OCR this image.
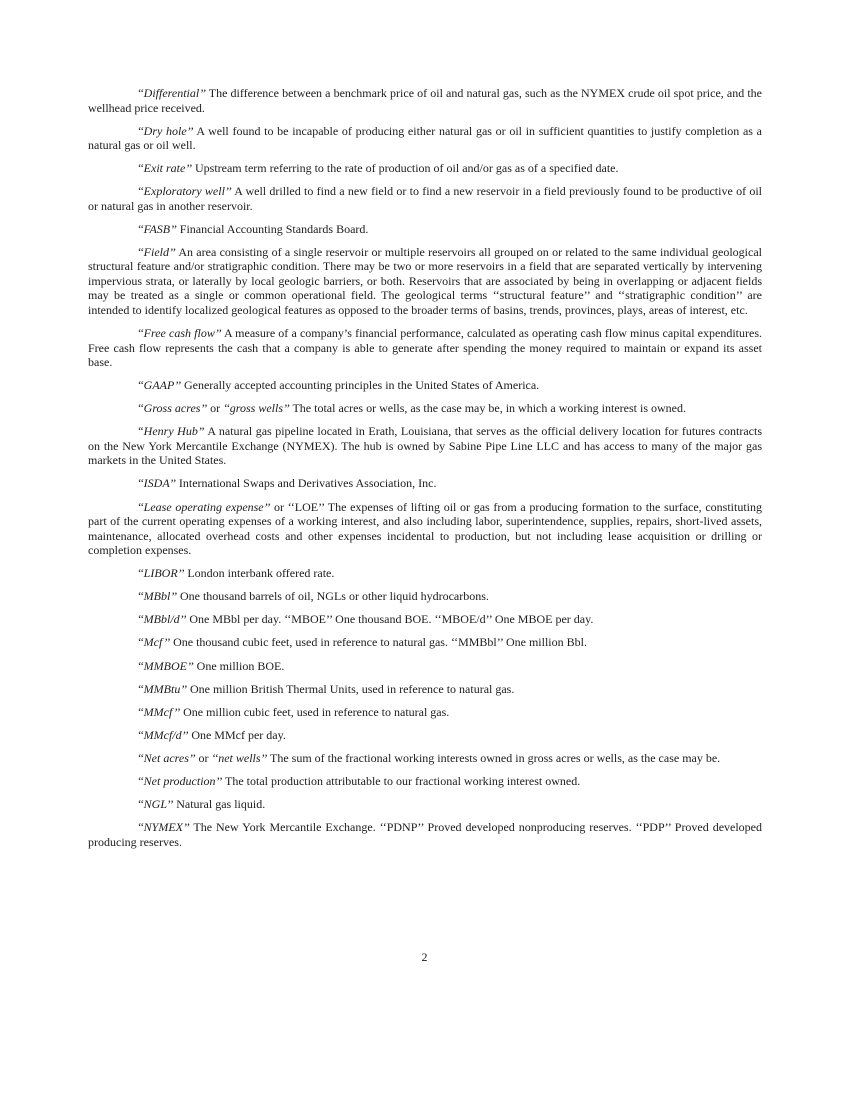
‘‘Differential’’ The difference between a benchmark price of oil and natural gas, such as the NYMEX crude oil spot price, and the wellhead price received.

‘‘Dry hole’’ A well found to be incapable of producing either natural gas or oil in sufficient quantities to justify completion as a natural gas or oil well.

‘‘Exit rate’’ Upstream term referring to the rate of production of oil and/or gas as of a specified date.

‘‘Exploratory well’’ A well drilled to find a new field or to find a new reservoir in a field previously found to be productive of oil or natural gas in another reservoir.

‘‘FASB’’ Financial Accounting Standards Board.

‘‘Field’’ An area consisting of a single reservoir or multiple reservoirs all grouped on or related to the same individual geological structural feature and/or stratigraphic condition. There may be two or more reservoirs in a field that are separated vertically by intervening impervious strata, or laterally by local geologic barriers, or both. Reservoirs that are associated by being in overlapping or adjacent fields may be treated as a single or common operational field. The geological terms ‘‘structural feature’’ and ‘‘stratigraphic condition’’ are intended to identify localized geological features as opposed to the broader terms of basins, trends, provinces, plays, areas of interest, etc.

‘‘Free cash flow’’ A measure of a company’s financial performance, calculated as operating cash flow minus capital expenditures. Free cash flow represents the cash that a company is able to generate after spending the money required to maintain or expand its asset base.

‘‘GAAP’’ Generally accepted accounting principles in the United States of America.

‘‘Gross acres’’ or ‘‘gross wells’’ The total acres or wells, as the case may be, in which a working interest is owned.

“Henry Hub” A natural gas pipeline located in Erath, Louisiana, that serves as the official delivery location for futures contracts on the New York Mercantile Exchange (NYMEX). The hub is owned by Sabine Pipe Line LLC and has access to many of the major gas markets in the United States.

‘‘ISDA’’ International Swaps and Derivatives Association, Inc.

‘‘Lease operating expense’’ or ‘‘LOE’’ The expenses of lifting oil or gas from a producing formation to the surface, constituting part of the current operating expenses of a working interest, and also including labor, superintendence, supplies, repairs, short-lived assets, maintenance, allocated overhead costs and other expenses incidental to production, but not including lease acquisition or drilling or completion expenses.

‘‘LIBOR’’ London interbank offered rate.

‘‘MBbl’’ One thousand barrels of oil, NGLs or other liquid hydrocarbons.

‘‘MBbl/d’’ One MBbl per day. ‘‘MBOE’’ One thousand BOE. ‘‘MBOE/d’’ One MBOE per day.

‘‘Mcf’’ One thousand cubic feet, used in reference to natural gas. ‘‘MMBbl’’ One million Bbl.

‘‘MMBOE’’ One million BOE.

‘‘MMBtu’’ One million British Thermal Units, used in reference to natural gas.

‘‘MMcf’’ One million cubic feet, used in reference to natural gas.

‘‘MMcf/d’’ One MMcf per day.

‘‘Net acres’’ or ‘‘net wells’’ The sum of the fractional working interests owned in gross acres or wells, as the case may be.

‘‘Net production’’ The total production attributable to our fractional working interest owned.

‘‘NGL’’ Natural gas liquid.

‘‘NYMEX’’ The New York Mercantile Exchange. ‘‘PDNP’’ Proved developed nonproducing reserves. ‘‘PDP’’ Proved developed producing reserves.

2
